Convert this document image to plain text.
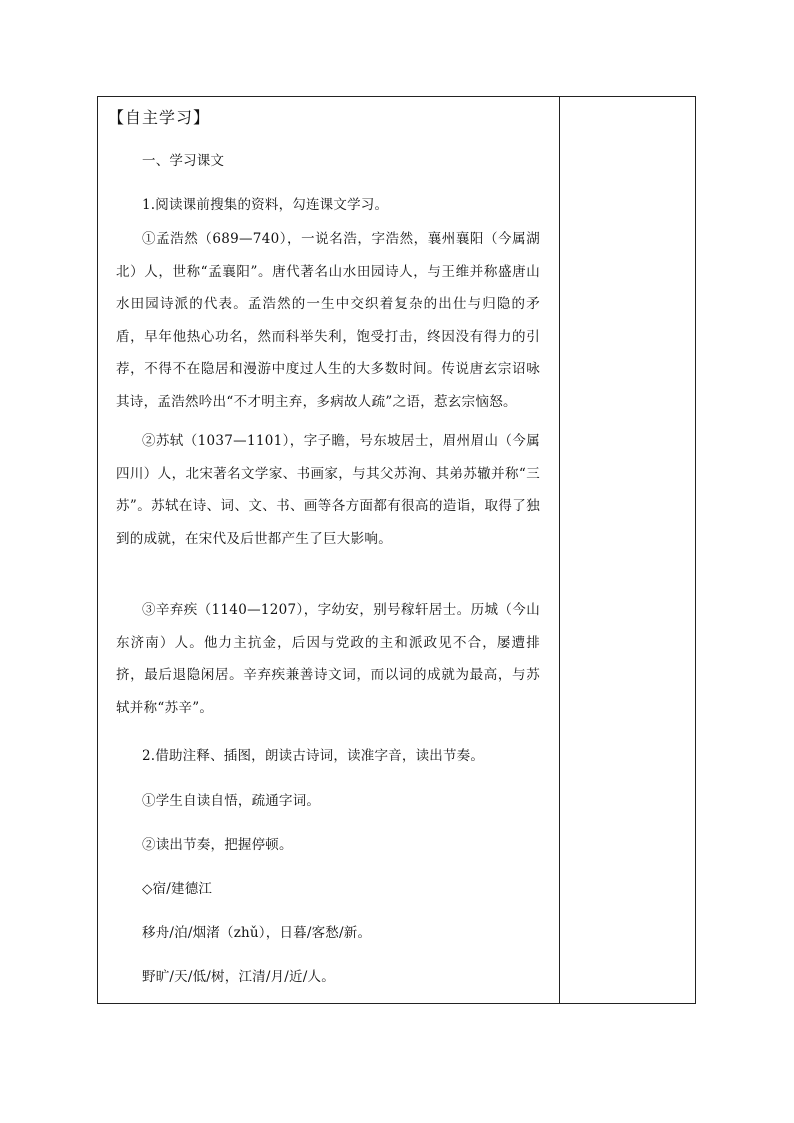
【自主学习】
一、学习课文
1.阅读课前搜集的资料，勾连课文学习。
①孟浩然（689—740），一说名浩，字浩然，襄州襄阳（今属湖北）人，世称“孟襄阳”。唐代著名山水田园诗人，与王维并称盛唐山水田园诗派的代表。孟浩然的一生中交织着复杂的出仕与归隐的矛盾，早年他热心功名，然而科举失利，饱受打击，终因没有得力的引荐，不得不在隐居和漫游中度过人生的大多数时间。传说唐玄宗诏咏其诗，孟浩然吟出“不才明主弃，多病故人疏”之语，惹玄宗恼怒。
②苏轼（1037—1101），字子瞻，号东坡居士，眉州眉山（今属四川）人，北宋著名文学家、书画家，与其父苏洵、其弟苏辙并称“三苏”。苏轼在诗、词、文、书、画等各方面都有很高的造诣，取得了独到的成就，在宋代及后世都产生了巨大影响。
③辛弃疾（1140—1207），字幼安，别号稼轩居士。历城（今山东济南）人。他力主抗金，后因与党政的主和派政见不合，屡遭排挤，最后退隐闲居。辛弃疾兼善诗文词，而以词的成就为最高，与苏轼并称“苏辛”。
2.借助注释、插图，朗读古诗词，读准字音，读出节奏。
①学生自读自悟，疏通字词。
②读出节奏，把握停顿。
◇宿/建德江
移舟/泊/烟渚（zhǔ），日暮/客愁/新。
野旷/天/低/树，江清/月/近/人。
